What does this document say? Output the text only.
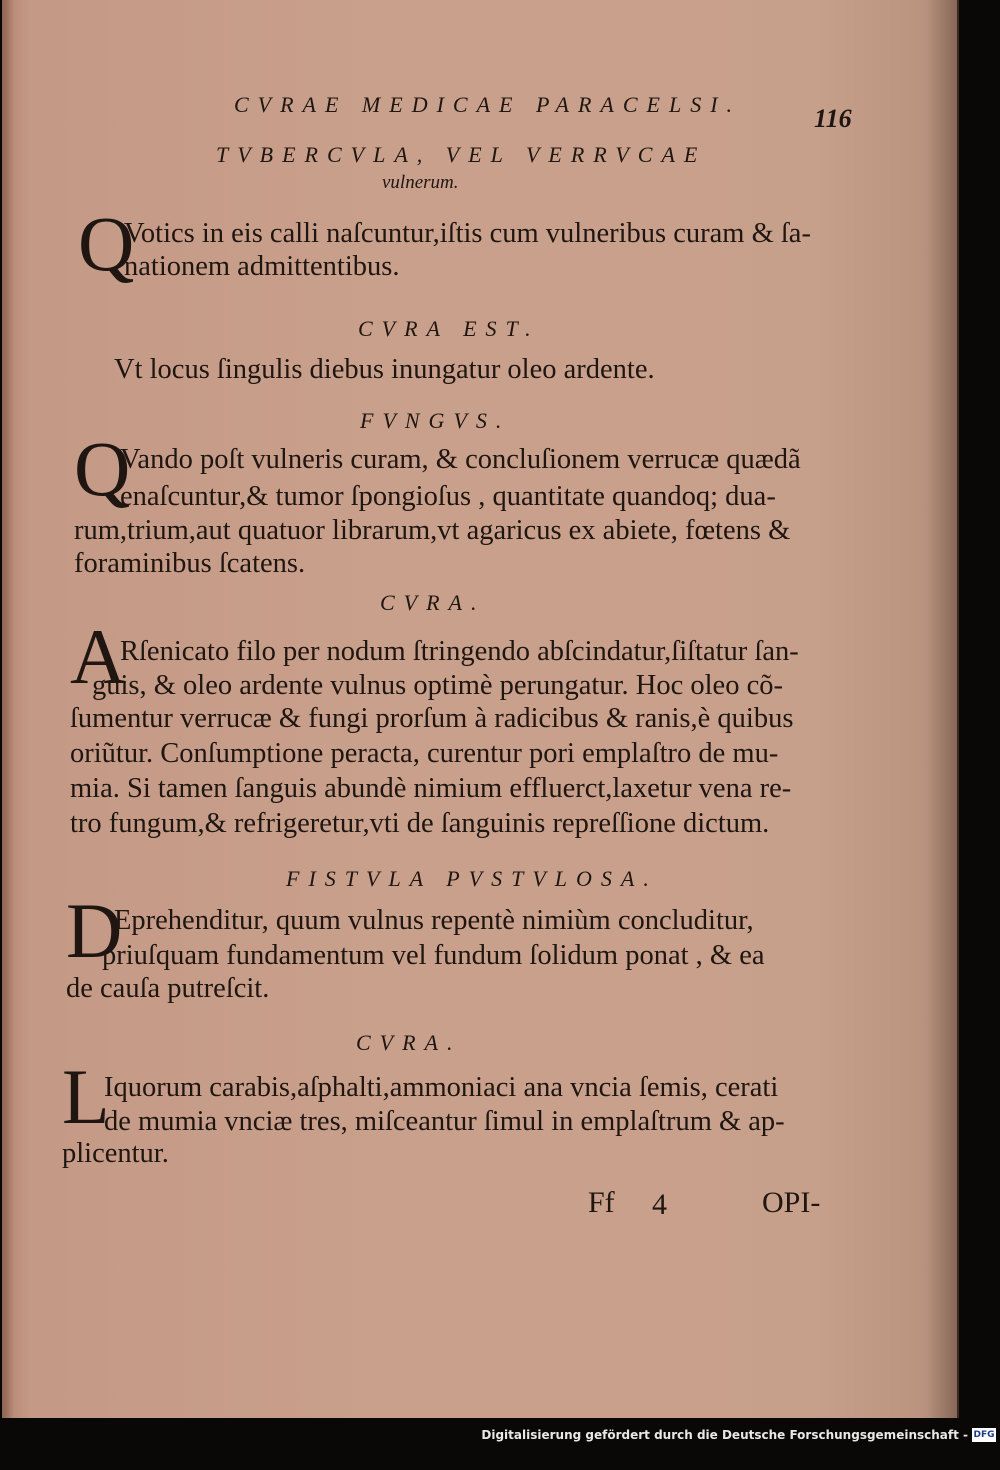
CVRAE MEDICAE PARACELSI.	116
TVBERCVLA, VEL VERRVCAE
vulnerum.
Q
Votics in eis calli naſcuntur,iſtis cum vulneribus curam & ſa-
nationem admittentibus.
CVRA EST.
Vt locus ſingulis diebus inungatur oleo ardente.
FVNGVS.
Q
Vando poſt vulneris curam, & concluſionem verrucæ quædã
enaſcuntur,& tumor ſpongioſus , quantitate quandoq; dua-
rum,trium,aut quatuor librarum,vt agaricus ex abiete, fœtens &
foraminibus ſcatens.
CVRA.
A
Rſenicato filo per nodum ſtringendo abſcindatur,ſiſtatur ſan-
guis, & oleo ardente vulnus optimè perungatur. Hoc oleo cõ-
ſumentur verrucæ & fungi prorſum à radicibus & ranis,è quibus
oriũtur. Conſumptione peracta, curentur pori emplaſtro de mu-
mia. Si tamen ſanguis abundè nimium effluerct,laxetur vena re-
tro fungum,& refrigeretur,vti de ſanguinis repreſſione dictum.
FISTVLA PVSTVLOSA.
D
Eprehenditur, quum vulnus repentè nimiùm concluditur,
priuſquam fundamentum vel fundum ſolidum ponat , & ea
de cauſa putreſcit.
CVRA.
L
Iquorum carabis,aſphalti,ammoniaci ana vncia ſemis, cerati
de mumia vnciæ tres, miſceantur ſimul in emplaſtrum & ap-
plicentur.
Ff 4	OPI-
Digitalisierung gefördert durch die Deutsche Forschungsgemeinschaft - DFG
